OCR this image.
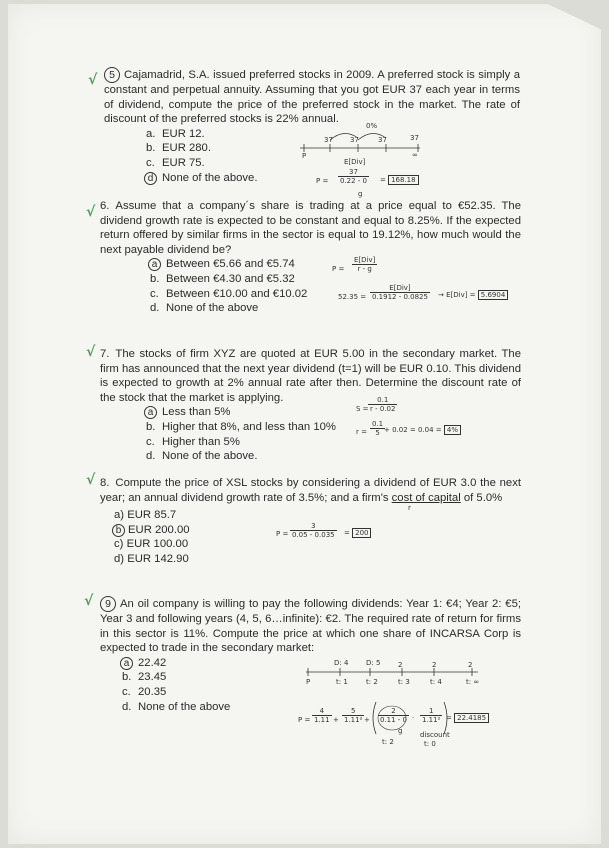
√	5 Cajamadrid, S.A. issued preferred stocks in 2009. A preferred stock is simply a constant and perpetual annuity. Assuming that you got EUR 37 each year in terms of dividend, compute the price of the preferred stock in the market. The rate of discount of the preferred stocks is 22% annual.

a. EUR 12.
b. EUR 280.
c. EUR 75.
d None of the above.
0%
37 37	37	37
P	∞
E[Div]
$P = \frac{37}{0.22 - 0}$
g
= 168.18
√ 6. Assume that a company´s share is trading at a price equal to €52.35. The dividend growth rate is expected to be constant and equal to 8.25%. If the expected return offered by similar firms in the sector is equal to 19.12%, how much would the next payable dividend be?

a Between €5.66 and €5.74
b. Between €4.30 and €5.32
c. Between €10.00 and €10.02
d. None of the above
$P = \frac{\text{E[Div]}}{r - g}$
$52.35 = \frac{\text{E[Div]}}{0.1912 - 0.0825} \to E[Div] = 5.6904$
√ 7. The stocks of firm XYZ are quoted at EUR 5.00 in the secondary market. The firm has announced that the next year dividend (t=1) will be EUR 0.10. This dividend is expected to growth at 2% annual rate after then. Determine the discount rate of the stock that the market is applying.

a Less than 5%
b. Higher that 8%, and less than 10%
c. Higher than 5%
d. None of the above.
$S = \frac{0.1}{r - 0.02}$
$r = \frac{0.1}{5}$
+ 0.02 = 0.04 = 4%
√ 8. Compute the price of XSL stocks by considering a dividend of EUR 3.0 the next year; an annual dividend growth rate of 3.5%; and a firm's cost of capital of 5.0%

a) EUR 85.7
b EUR 200.00
c) EUR 100.00
d) EUR 142.90
r
$P = \frac{3}{0.05 - 0.035} = 200$
√	9 An oil company is willing to pay the following dividends: Year 1: €4; Year 2: €5; Year 3 and following years (4, 5, 6…infinite): €2. The required rate of return for firms in this sector is 11%. Compute the price at which one share of INCARSA Corp is expected to trade in the secondary market:

a 22.42
b. 23.45
c. 20.35
d. None of the above
D: 4	D: 5	2	2	2
P	t: 1	t: 2	t: 3	t: 4	t: ∞
$P = \frac{4}{1.11} + \frac{5}{\text{1.11²}} + \frac{2}{0.11 - 0}$
g
· $\frac{1}{\text{1.11²}} = 22.4185$
t: 2
discount
t: 0
